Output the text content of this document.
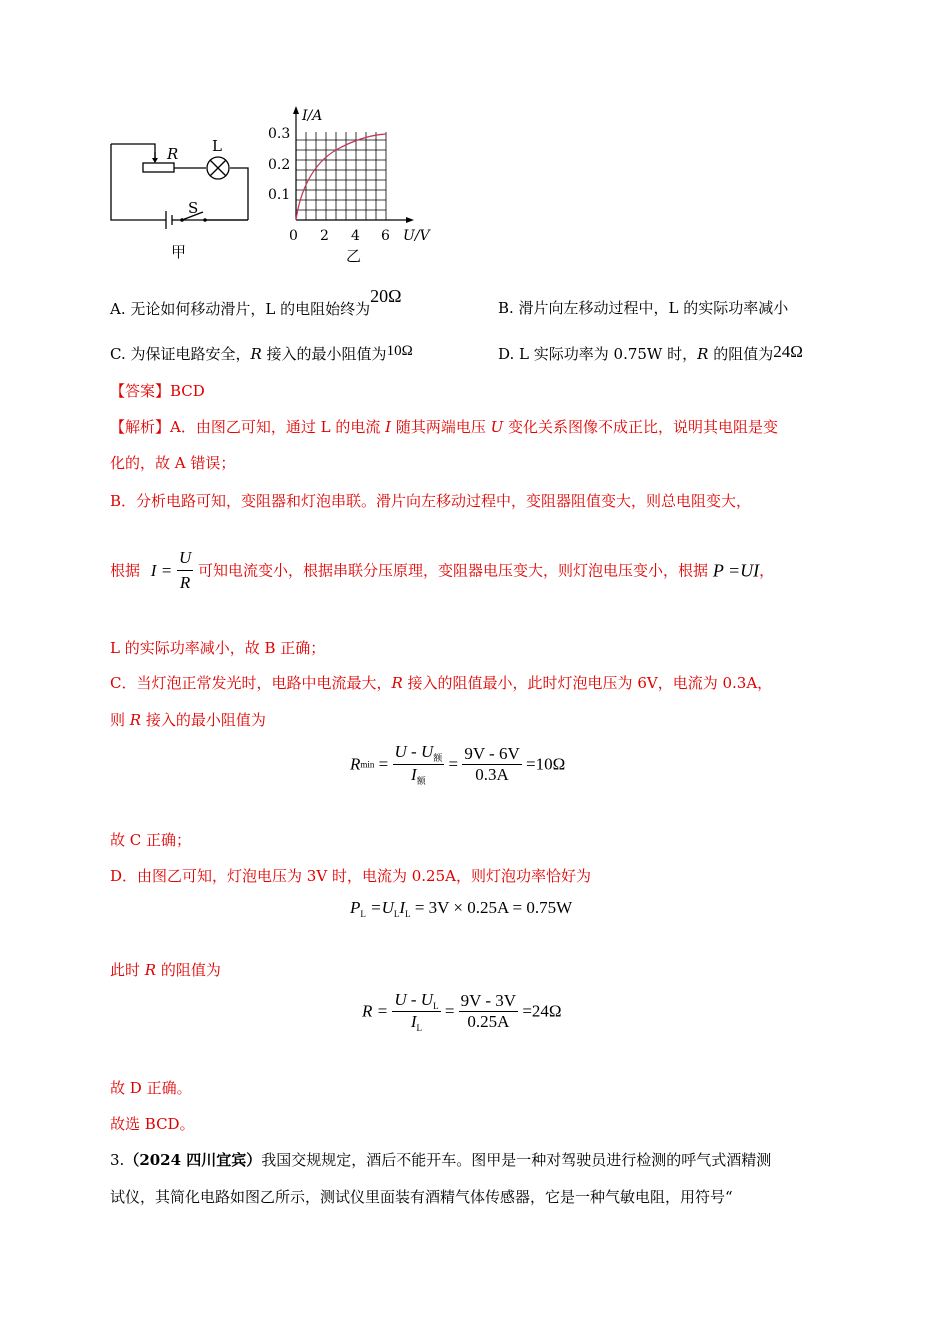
R L
S
甲
I/A
0.3
0.2
0.1
0 2 4 6 U/V
乙
A. 无论如何移动滑片，L 的电阻始终为20Ω
B. 滑片向左移动过程中，L 的实际功率减小
C. 为保证电路安全，R 接入的最小阻值为10Ω	D. L 实际功率为 0.75W 时，R 的阻值为24Ω
【答案】BCD
【解析】A．由图乙可知，通过 L 的电流 I 随其两端电压 U 变化关系图像不成正比，说明其电阻是变
化的，故 A 错误；
B．分析电路可知，变阻器和灯泡串联。滑片向左移动过程中，变阻器阻值变大，则总电阻变大，
根据 $I = \frac{U}{R}$ 可知电流变小，根据串联分压原理，变阻器电压变大，则灯泡电压变小，根据 P =UI，
L 的实际功率减小，故 B 正确；
C．当灯泡正常发光时，电路中电流最大，R 接入的阻值最小，此时灯泡电压为 6V，电流为 0.3A，
则 R 接入的最小阻值为
$Rmin = \frac{U - U_额}{I_额} = \frac{9V - 6V}{0.3A} =10\Omega$
故 C 正确；
D．由图乙可知，灯泡电压为 3V 时，电流为 0.25A，则灯泡功率恰好为
$P_L =U_LI_L = 3V \times 0.25A = 0.75W$
此时 R 的阻值为
$R = \frac{U - U_L}{I_L} = \frac{9V - 3V}{0.25A} =24\Omega$
故 D 正确。
故选 BCD。
3.（2024 四川宜宾）我国交规规定，酒后不能开车。图甲是一种对驾驶员进行检测的呼气式酒精测
试仪，其简化电路如图乙所示，测试仪里面装有酒精气体传感器，它是一种气敏电阻，用符号“
